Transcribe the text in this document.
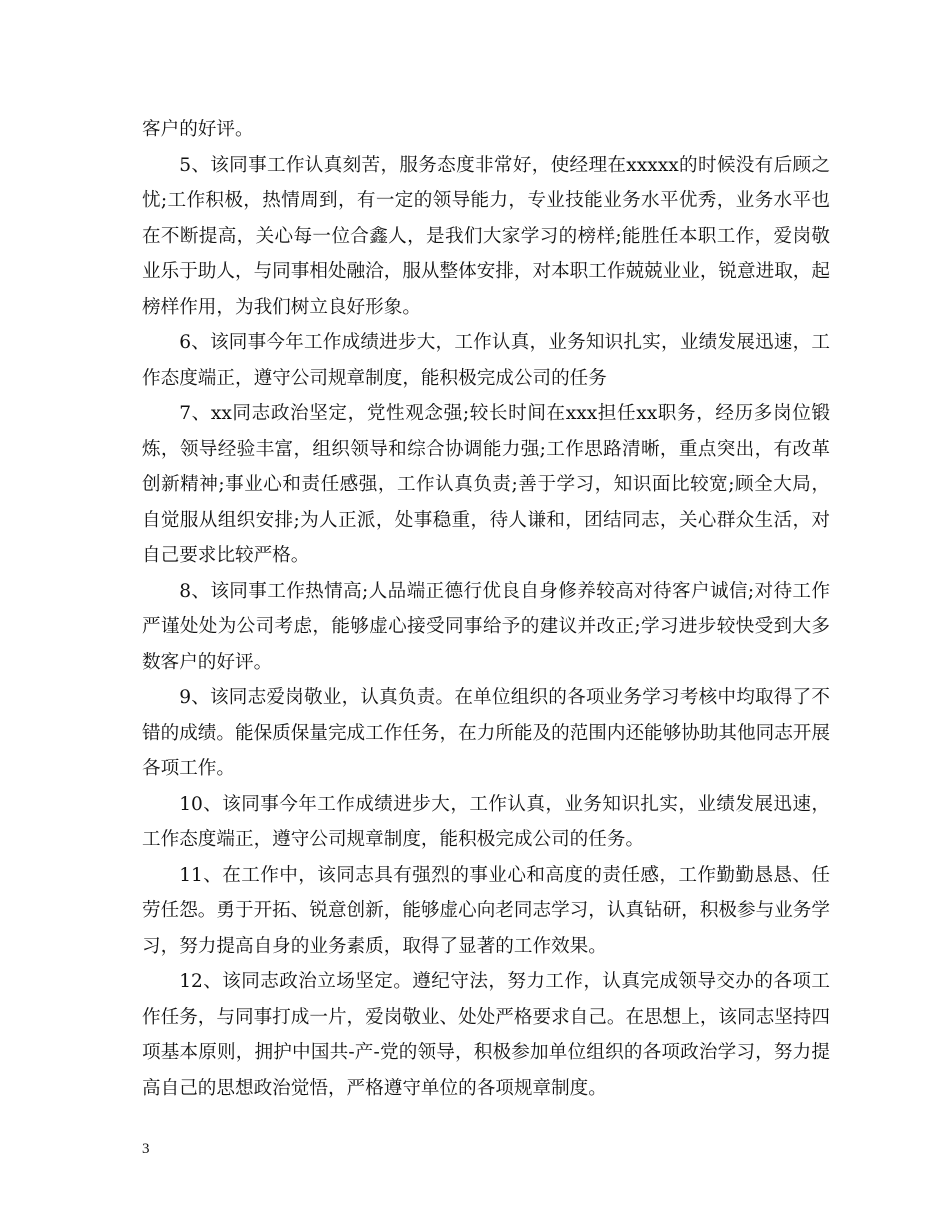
客户的好评。

5、该同事工作认真刻苦，服务态度非常好，使经理在xxxxx的时候没有后顾之忧;工作积极，热情周到，有一定的领导能力，专业技能业务水平优秀，业务水平也在不断提高，关心每一位合鑫人，是我们大家学习的榜样;能胜任本职工作，爱岗敬业乐于助人，与同事相处融洽，服从整体安排，对本职工作兢兢业业，锐意进取，起榜样作用，为我们树立良好形象。

6、该同事今年工作成绩进步大，工作认真，业务知识扎实，业绩发展迅速，工作态度端正，遵守公司规章制度，能积极完成公司的任务

7、xx同志政治坚定，党性观念强;较长时间在xxx担任xx职务，经历多岗位锻炼，领导经验丰富，组织领导和综合协调能力强;工作思路清晰，重点突出，有改革创新精神;事业心和责任感强，工作认真负责;善于学习，知识面比较宽;顾全大局，自觉服从组织安排;为人正派，处事稳重，待人谦和，团结同志，关心群众生活，对自己要求比较严格。

8、该同事工作热情高;人品端正德行优良自身修养较高对待客户诚信;对待工作严谨处处为公司考虑，能够虚心接受同事给予的建议并改正;学习进步较快受到大多数客户的好评。

9、该同志爱岗敬业，认真负责。在单位组织的各项业务学习考核中均取得了不错的成绩。能保质保量完成工作任务，在力所能及的范围内还能够协助其他同志开展各项工作。

10、该同事今年工作成绩进步大，工作认真，业务知识扎实，业绩发展迅速，工作态度端正，遵守公司规章制度，能积极完成公司的任务。

11、在工作中，该同志具有强烈的事业心和高度的责任感，工作勤勤恳恳、任劳任怨。勇于开拓、锐意创新，能够虚心向老同志学习，认真钻研，积极参与业务学习，努力提高自身的业务素质，取得了显著的工作效果。

12、该同志政治立场坚定。遵纪守法，努力工作，认真完成领导交办的各项工作任务，与同事打成一片，爱岗敬业、处处严格要求自己。在思想上，该同志坚持四项基本原则，拥护中国共-产-党的领导，积极参加单位组织的各项政治学习，努力提高自己的思想政治觉悟，严格遵守单位的各项规章制度。

3
